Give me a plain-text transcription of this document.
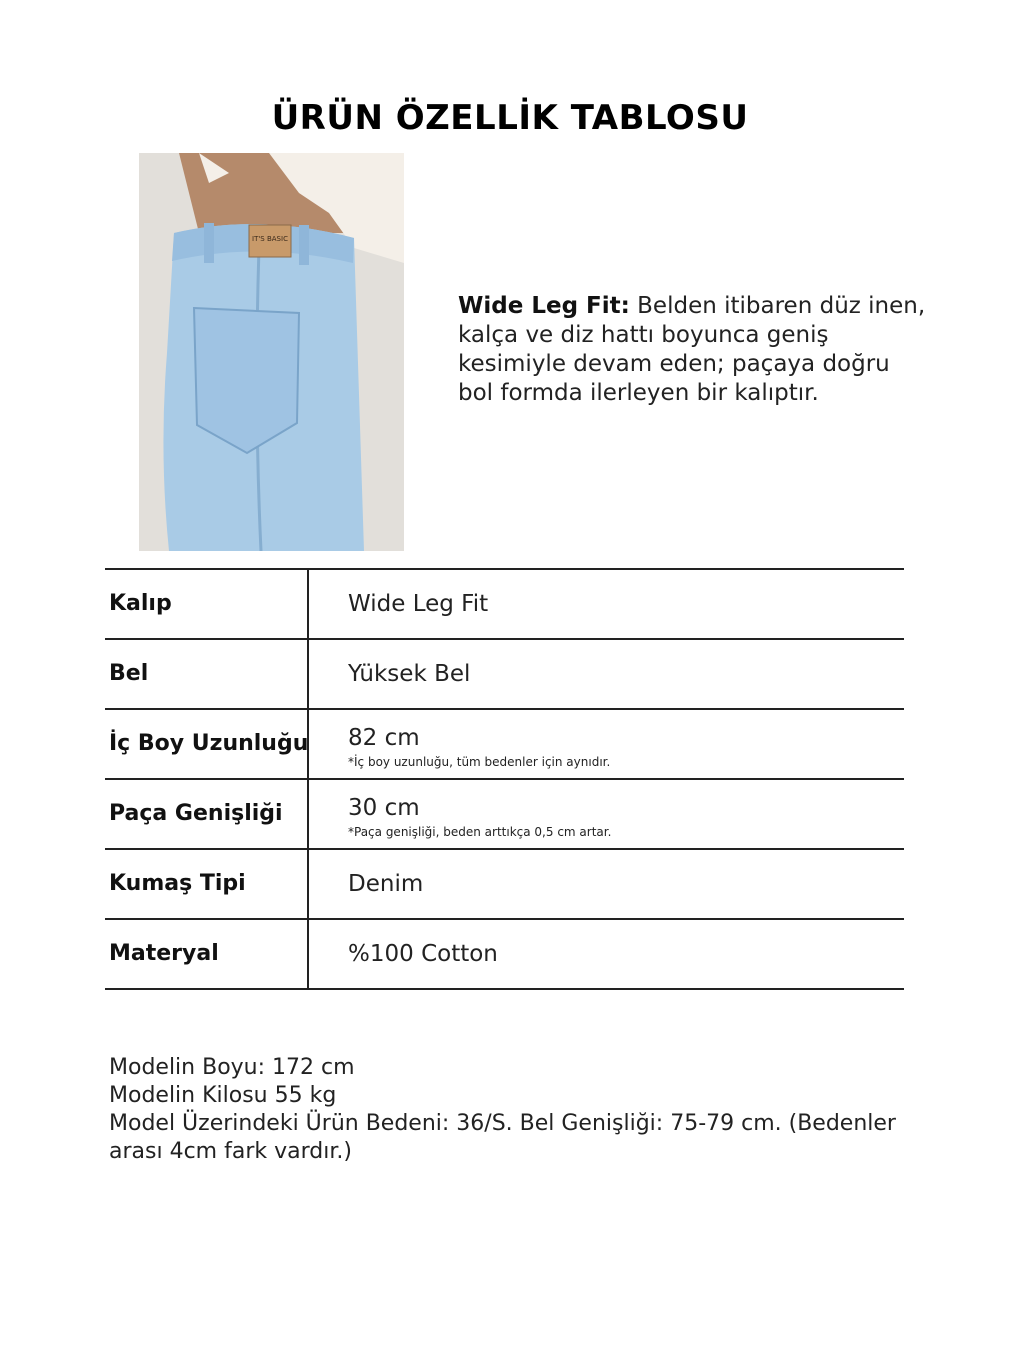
ÜRÜN ÖZELLİK TABLOSU
IT'S BASIC
Wide Leg Fit: Belden itibaren düz inen, kalça ve diz hattı boyunca geniş kesimiyle devam eden; paçaya doğru bol formda ilerleyen bir kalıptır.
Kalıp	Wide Leg Fit
Bel	Yüksek Bel
İç Boy Uzunluğu 82 cm
*İç boy uzunluğu, tüm bedenler için aynıdır.
Paça Genişliği	30 cm
*Paça genişliği, beden arttıkça 0,5 cm artar.
Kumaş Tipi	Denim
Materyal	%100 Cotton
Modelin Boyu: 172 cm
Modelin Kilosu 55 kg
Model Üzerindeki Ürün Bedeni: 36/S. Bel Genişliği: 75-79 cm. (Bedenler arası 4cm fark vardır.)
